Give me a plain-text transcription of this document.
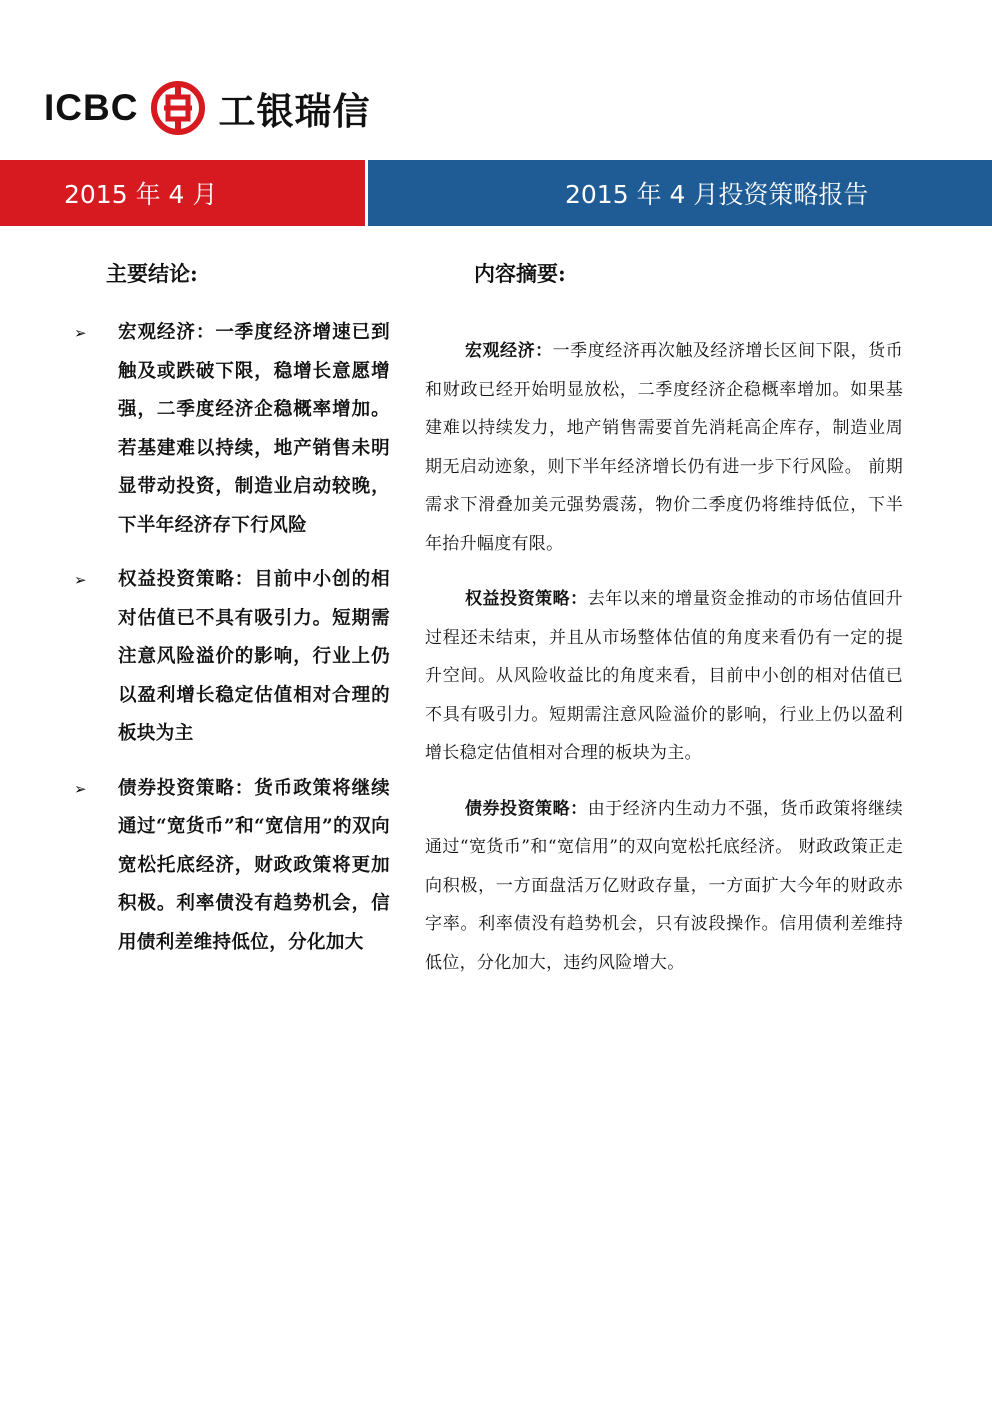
ICBC 工银瑞信
2015 年 4 月	2015 年 4 月投资策略报告
主要结论:	内容摘要:
➢ 宏观经济：一季度经济增速已到触及或跌破下限，稳增长意愿增强，二季度经济企稳概率增加。若基建难以持续，地产销售未明显带动投资，制造业启动较晚，下半年经济存下行风险
➢ 权益投资策略：目前中小创的相对估值已不具有吸引力。短期需注意风险溢价的影响，行业上仍以盈利增长稳定估值相对合理的板块为主
➢ 债券投资策略：货币政策将继续通过“宽货币”和“宽信用”的双向宽松托底经济，财政政策将更加积极。利率债没有趋势机会，信用债利差维持低位，分化加大

宏观经济：一季度经济再次触及经济增长区间下限，货币和财政已经开始明显放松，二季度经济企稳概率增加。如果基建难以持续发力，地产销售需要首先消耗高企库存，制造业周期无启动迹象，则下半年经济增长仍有进一步下行风险。 前期需求下滑叠加美元强势震荡，物价二季度仍将维持低位，下半年抬升幅度有限。

权益投资策略：去年以来的增量资金推动的市场估值回升过程还未结束，并且从市场整体估值的角度来看仍有一定的提升空间。从风险收益比的角度来看，目前中小创的相对估值已不具有吸引力。短期需注意风险溢价的影响，行业上仍以盈利增长稳定估值相对合理的板块为主。

债券投资策略：由于经济内生动力不强，货币政策将继续通过“宽货币”和“宽信用”的双向宽松托底经济。 财政政策正走向积极，一方面盘活万亿财政存量，一方面扩大今年的财政赤字率。利率债没有趋势机会，只有波段操作。信用债利差维持低位，分化加大，违约风险增大。
